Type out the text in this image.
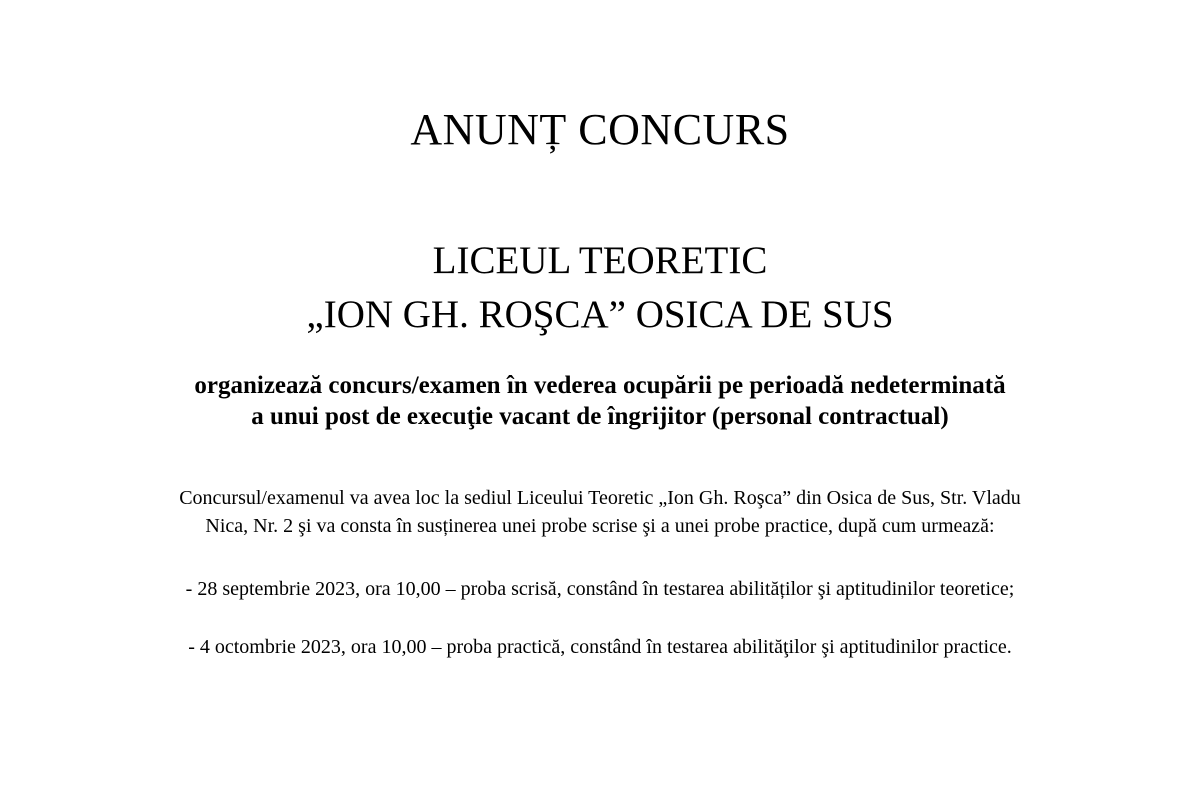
ANUNȚ CONCURS
LICEUL TEORETIC
„ION GH. ROŞCA” OSICA DE SUS

organizează concurs/examen în vederea ocupării pe perioadă nedeterminată
a unui post de execuţie vacant de îngrijitor (personal contractual)

Concursul/examenul va avea loc la sediul Liceului Teoretic „Ion Gh. Roşca” din Osica de Sus, Str. Vladu
Nica, Nr. 2 şi va consta în susținerea unei probe scrise şi a unei probe practice, după cum urmează:

- 28 septembrie 2023, ora 10,00 – proba scrisă, constând în testarea abilităților şi aptitudinilor teoretice;

- 4 octombrie 2023, ora 10,00 – proba practică, constând în testarea abilităţilor şi aptitudinilor practice.
